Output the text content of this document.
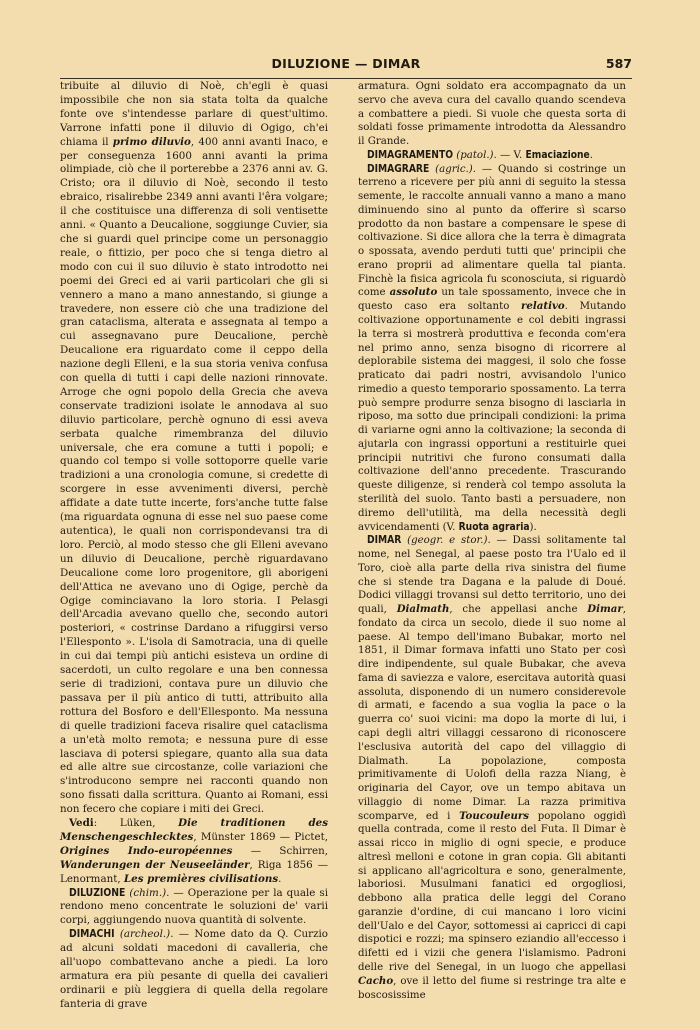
DILUZIONE — DIMAR	587

tribuite al diluvio di Noè, ch'egli è quasi impossibile che non sia stata tolta da qualche fonte ove s'intendesse parlare di quest'ultimo. Varrone infatti pone il diluvio di Ogigo, ch'ei chiama il primo diluvio, 400 anni avanti Inaco, e per conseguenza 1600 anni avanti la prima olimpiade, ciò che il porterebbe a 2376 anni av. G. Cristo; ora il diluvio di Noè, secondo il testo ebraico, risalirebbe 2349 anni avanti l'êra volgare; il che costituisce una differenza di soli ventisette anni. « Quanto a Deucalione, soggiunge Cuvier, sia che si guardi quel principe come un personaggio reale, o fittizio, per poco che si tenga dietro al modo con cui il suo diluvio è stato introdotto nei poemi dei Greci ed ai varii particolari che gli si vennero a mano a mano annestando, si giunge a travedere, non essere ciò che una tradizione del gran cataclisma, alterata e assegnata al tempo a cui assegnavano pure Deucalione, perchè Deucalione era riguardato come il ceppo della nazione degli Elleni, e la sua storia veniva confusa con quella di tutti i capi delle nazioni rinnovate. Arroge che ogni popolo della Grecia che aveva conservate tradizioni isolate le annodava al suo diluvio particolare, perchè ognuno di essi aveva serbata qualche rimembranza del diluvio universale, che era comune a tutti i popoli; e quando col tempo si volle sottoporre quelle varie tradizioni a una cronologia comune, si credette di scorgere in esse avvenimenti diversi, perchè affidate a date tutte incerte, fors'anche tutte false (ma riguardata ognuna di esse nel suo paese come autentica), le quali non corrispondevansi tra di loro. Perciò, al modo stesso che gli Elleni avevano un diluvio di Deucalione, perchè riguardavano Deucalione come loro progenitore, gli aborigeni dell'Attica ne avevano uno di Ogige, perchè da Ogige cominciavano la loro storia. I Pelasgi dell'Arcadia avevano quello che, secondo autori posteriori, « costrinse Dardano a rifuggirsi verso l'Ellesponto ». L'isola di Samotracia, una di quelle in cui dai tempi più antichi esisteva un ordine di sacerdoti, un culto regolare e una ben connessa serie di tradizioni, contava pure un diluvio che passava per il più antico di tutti, attribuito alla rottura del Bosforo e dell'Ellesponto. Ma nessuna di quelle tradizioni faceva risalire quel cataclisma a un'età molto remota; e nessuna pure di esse lasciava di potersi spiegare, quanto alla sua data ed alle altre sue circostanze, colle variazioni che s'introducono sempre nei racconti quando non sono fissati dalla scrittura. Quanto ai Romani, essi non fecero che copiare i miti dei Greci.

Vedi: Lüken, Die traditionen des Menschengeschlecktes, Münster 1869 — Pictet, Origines Indo-européennes — Schirren, Wanderungen der Neuseeländer, Riga 1856 — Lenormant, Les premières civilisations.

DILUZIONE (chim.). — Operazione per la quale si rendono meno concentrate le soluzioni de' varii corpi, aggiungendo nuova quantità di solvente.

DIMACHI (archeol.). — Nome dato da Q. Curzio ad alcuni soldati macedoni di cavalleria, che all'uopo combattevano anche a piedi. La loro armatura era più pesante di quella dei cavalieri ordinarii e più leggiera di quella della regolare fanteria di grave

armatura. Ogni soldato era accompagnato da un servo che aveva cura del cavallo quando scendeva a combattere a piedi. Si vuole che questa sorta di soldati fosse primamente introdotta da Alessandro il Grande.

DIMAGRAMENTO (patol.). — V. Emaciazione.

DIMAGRARE (agric.). — Quando si costringe un terreno a ricevere per più anni di seguito la stessa semente, le raccolte annuali vanno a mano a mano diminuendo sino al punto da offerire sì scarso prodotto da non bastare a compensare le spese di coltivazione. Si dice allora che la terra è dimagrata o spossata, avendo perduti tutti que' principii che erano proprii ad alimentare quella tal pianta. Finchè la fisica agricola fu sconosciuta, si riguardò come assoluto un tale spossamento, invece che in questo caso era soltanto relativo. Mutando coltivazione opportunamente e col debiti ingrassi la terra si mostrerà produttiva e feconda com'era nel primo anno, senza bisogno di ricorrere al deplorabile sistema dei maggesi, il solo che fosse praticato dai padri nostri, avvisandolo l'unico rimedio a questo temporario spossamento. La terra può sempre produrre senza bisogno di lasciarla in riposo, ma sotto due principali condizioni: la prima di variarne ogni anno la coltivazione; la seconda di ajutarla con ingrassi opportuni a restituirle quei principii nutritivi che furono consumati dalla coltivazione dell'anno precedente. Trascurando queste diligenze, si renderà col tempo assoluta la sterilità del suolo. Tanto basti a persuadere, non diremo dell'utilità, ma della necessità degli avvicendamenti (V. Ruota agraria).

DIMAR (geogr. e stor.). — Dassi solitamente tal nome, nel Senegal, al paese posto tra l'Ualo ed il Toro, cioè alla parte della riva sinistra del fiume che si stende tra Dagana e la palude di Doué. Dodici villaggi trovansi sul detto territorio, uno dei quali, Dialmath, che appellasi anche Dimar, fondato da circa un secolo, diede il suo nome al paese. Al tempo dell'imano Bubakar, morto nel 1851, il Dimar formava infatti uno Stato per così dire indipendente, sul quale Bubakar, che aveva fama di saviezza e valore, esercitava autorità quasi assoluta, disponendo di un numero considerevole di armati, e facendo a sua voglia la pace o la guerra co' suoi vicini: ma dopo la morte di lui, i capi degli altri villaggi cessarono di riconoscere l'esclusiva autorità del capo del villaggio di Dialmath. La popolazione, composta primitivamente di Uolofi della razza Niang, è originaria del Cayor, ove un tempo abitava un villaggio di nome Dimar. La razza primitiva scomparve, ed i Toucouleurs popolano oggidì quella contrada, come il resto del Futa. Il Dimar è assai ricco in miglio di ogni specie, e produce altresì melloni e cotone in gran copia. Gli abitanti si applicano all'agricoltura e sono, generalmente, laboriosi. Musulmani fanatici ed orgogliosi, debbono alla pratica delle leggi del Corano garanzie d'ordine, di cui mancano i loro vicini dell'Ualo e del Cayor, sottomessi ai capricci di capi dispotici e rozzi; ma spinsero eziandio all'eccesso i difetti ed i vizii che genera l'islamismo. Padroni delle rive del Senegal, in un luogo che appellasi Cacho, ove il letto del fiume si restringe tra alte e boscosissime
